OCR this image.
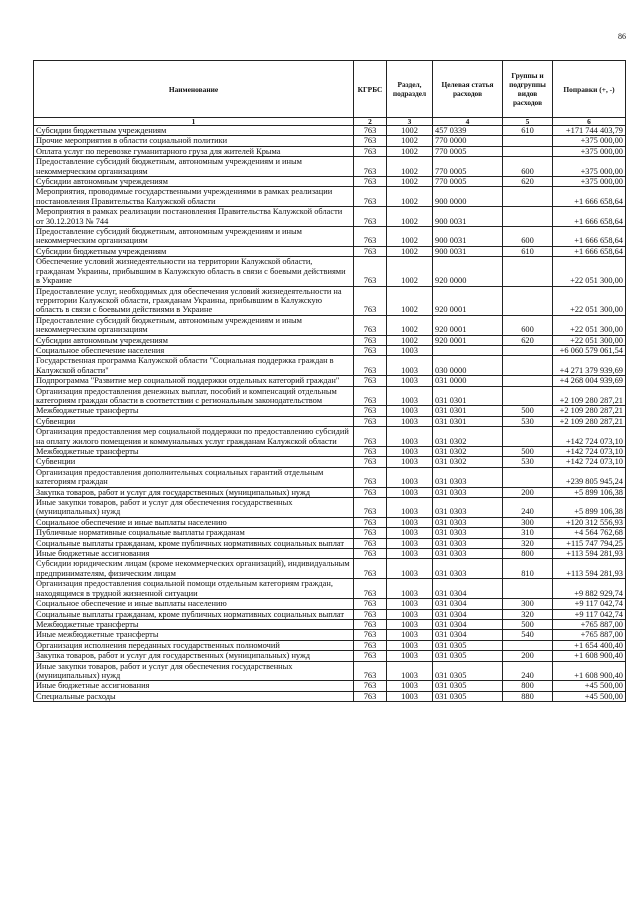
86
Наименование	КГРБС	Раздел, подраздел	Целевая статья расходов	Группы и подгруппы видов расходов	Поправки (+, -)
1	2	3	4	5	6
Субсидии бюджетным учреждениям	763	1002	457 0339	610	+171 744 403,79
Прочие мероприятия в области социальной политики	763	1002	770 0000		+375 000,00
Оплата услуг по перевозке гуманитарного груза для жителей Крыма	763	1002	770 0005		+375 000,00
Предоставление субсидий бюджетным, автономным учреждениям и иным некоммерческим организациям	763	1002	770 0005	600	+375 000,00
Субсидии автономным учреждениям	763	1002	770 0005	620	+375 000,00
Мероприятия, проводимые государственными учреждениями в рамках реализации постановления Правительства Калужской области	763	1002	900 0000		+1 666 658,64
Мероприятия в рамках реализации постановления Правительства Калужской области от 30.12.2013 № 744	763	1002	900 0031		+1 666 658,64
Предоставление субсидий бюджетным, автономным учреждениям и иным некоммерческим организациям	763	1002	900 0031	600	+1 666 658,64
Субсидии бюджетным учреждениям	763	1002	900 0031	610	+1 666 658,64
Обеспечение условий жизнедеятельности на территории Калужской области, гражданам Украины, прибывшим в Калужскую область в связи с боевыми действиями в Украине	763	1002	920 0000		+22 051 300,00
Предоставление услуг, необходимых для обеспечения условий жизнедеятельности на территории Калужской области, гражданам Украины, прибывшим в Калужскую область в связи с боевыми действиями в Украине	763	1002	920 0001		+22 051 300,00
Предоставление субсидий бюджетным, автономным учреждениям и иным некоммерческим организациям	763	1002	920 0001	600	+22 051 300,00
Субсидии автономным учреждениям	763	1002	920 0001	620	+22 051 300,00
Социальное обеспечение населения	763	1003			+6 060 579 061,54
Государственная программа Калужской области "Социальная поддержка граждан в Калужской области"	763	1003	030 0000		+4 271 379 939,69
Подпрограмма "Развитие мер социальной поддержки отдельных категорий граждан"	763	1003	031 0000		+4 268 004 939,69
Организация предоставления денежных выплат, пособий и компенсаций отдельным категориям граждан области в соответствии с региональным законодательством	763	1003	031 0301		+2 109 280 287,21
Межбюджетные трансферты	763	1003	031 0301	500	+2 109 280 287,21
Субвенции	763	1003	031 0301	530	+2 109 280 287,21
Организация предоставления мер социальной поддержки по предоставлению субсидий на оплату жилого помещения и коммунальных услуг гражданам Калужской области	763	1003	031 0302		+142 724 073,10
Межбюджетные трансферты	763	1003	031 0302	500	+142 724 073,10
Субвенции	763	1003	031 0302	530	+142 724 073,10
Организация предоставления дополнительных социальных гарантий отдельным категориям граждан	763	1003	031 0303		+239 805 945,24
Закупка товаров, работ и услуг для государственных (муниципальных) нужд	763	1003	031 0303	200	+5 899 106,38
Иные закупки товаров, работ и услуг для обеспечения государственных (муниципальных) нужд	763	1003	031 0303	240	+5 899 106,38
Социальное обеспечение и иные выплаты населению	763	1003	031 0303	300	+120 312 556,93
Публичные нормативные социальные выплаты гражданам	763	1003	031 0303	310	+4 564 762,68
Социальные выплаты гражданам, кроме публичных нормативных социальных выплат	763	1003	031 0303	320	+115 747 794,25
Иные бюджетные ассигнования	763	1003	031 0303	800	+113 594 281,93
Субсидии юридическим лицам (кроме некоммерческих организаций), индивидуальным предпринимателям, физическим лицам	763	1003	031 0303	810	+113 594 281,93
Организация предоставления социальной помощи отдельным категориям граждан, находящимся в трудной жизненной ситуации	763	1003	031 0304		+9 882 929,74
Социальное обеспечение и иные выплаты населению	763	1003	031 0304	300	+9 117 042,74
Социальные выплаты гражданам, кроме публичных нормативных социальных выплат	763	1003	031 0304	320	+9 117 042,74
Межбюджетные трансферты	763	1003	031 0304	500	+765 887,00
Иные межбюджетные трансферты	763	1003	031 0304	540	+765 887,00
Организация исполнения переданных государственных полномочий	763	1003	031 0305		+1 654 400,40
Закупка товаров, работ и услуг для государственных (муниципальных) нужд	763	1003	031 0305	200	+1 608 900,40
Иные закупки товаров, работ и услуг для обеспечения государственных (муниципальных) нужд	763	1003	031 0305	240	+1 608 900,40
Иные бюджетные ассигнования	763	1003	031 0305	800	+45 500,00
Специальные расходы	763	1003	031 0305	880	+45 500,00
